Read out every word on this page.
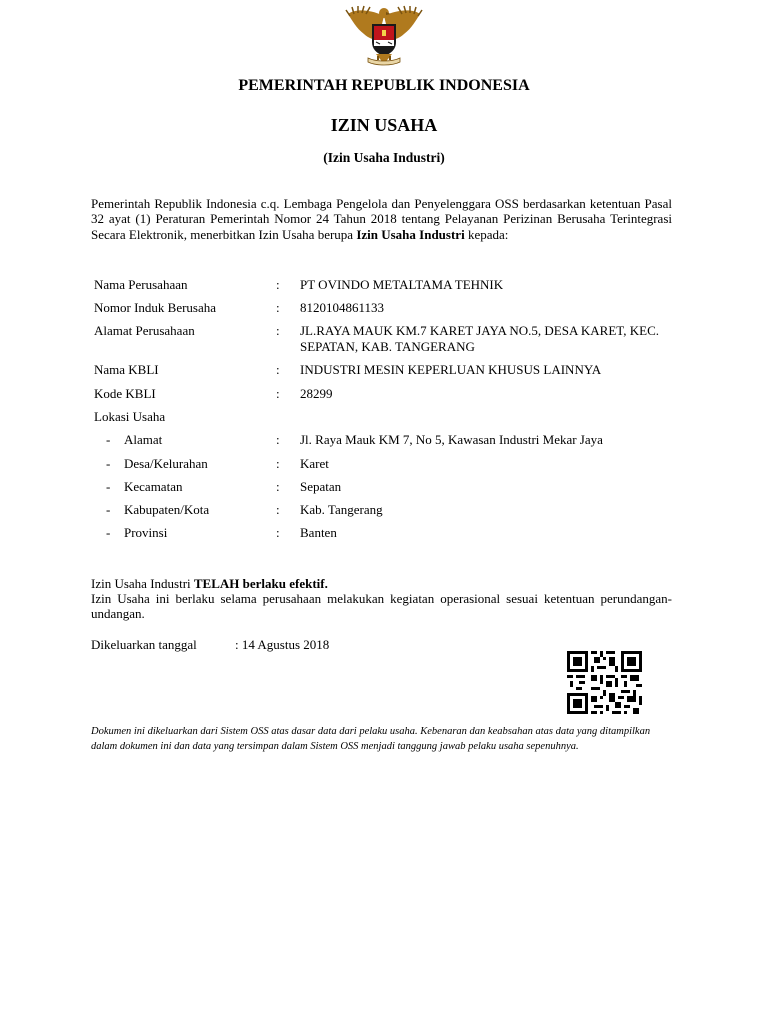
PEMERINTAH REPUBLIK INDONESIA
IZIN USAHA
(Izin Usaha Industri)
Pemerintah Republik Indonesia c.q. Lembaga Pengelola dan Penyelenggara OSS berdasarkan ketentuan Pasal 32 ayat (1) Peraturan Pemerintah Nomor 24 Tahun 2018 tentang Pelayanan Perizinan Berusaha Terintegrasi Secara Elektronik, menerbitkan Izin Usaha berupa Izin Usaha Industri kepada:
Nama Perusahaan	: PT OVINDO METALTAMA TEHNIK
Nomor Induk Berusaha	: 8120104861133
Alamat Perusahaan	: JL.RAYA MAUK KM.7 KARET JAYA NO.5, DESA KARET, KEC. SEPATAN, KAB. TANGERANG
Nama KBLI	: INDUSTRI MESIN KEPERLUAN KHUSUS LAINNYA
Kode KBLI	: 28299
Lokasi Usaha
- Alamat	: Jl. Raya Mauk KM 7, No 5, Kawasan Industri Mekar Jaya
- Desa/Kelurahan	: Karet
- Kecamatan	: Sepatan
- Kabupaten/Kota	: Kab. Tangerang
- Provinsi	: Banten
Izin Usaha Industri TELAH berlaku efektif.
Izin Usaha ini berlaku selama perusahaan melakukan kegiatan operasional sesuai ketentuan perundangan-undangan.
Dikeluarkan tanggal	: 14 Agustus 2018
Dokumen ini dikeluarkan dari Sistem OSS atas dasar data dari pelaku usaha. Kebenaran dan keabsahan atas data yang ditampilkan dalam dokumen ini dan data yang tersimpan dalam Sistem OSS menjadi tanggung jawab pelaku usaha sepenuhnya.
